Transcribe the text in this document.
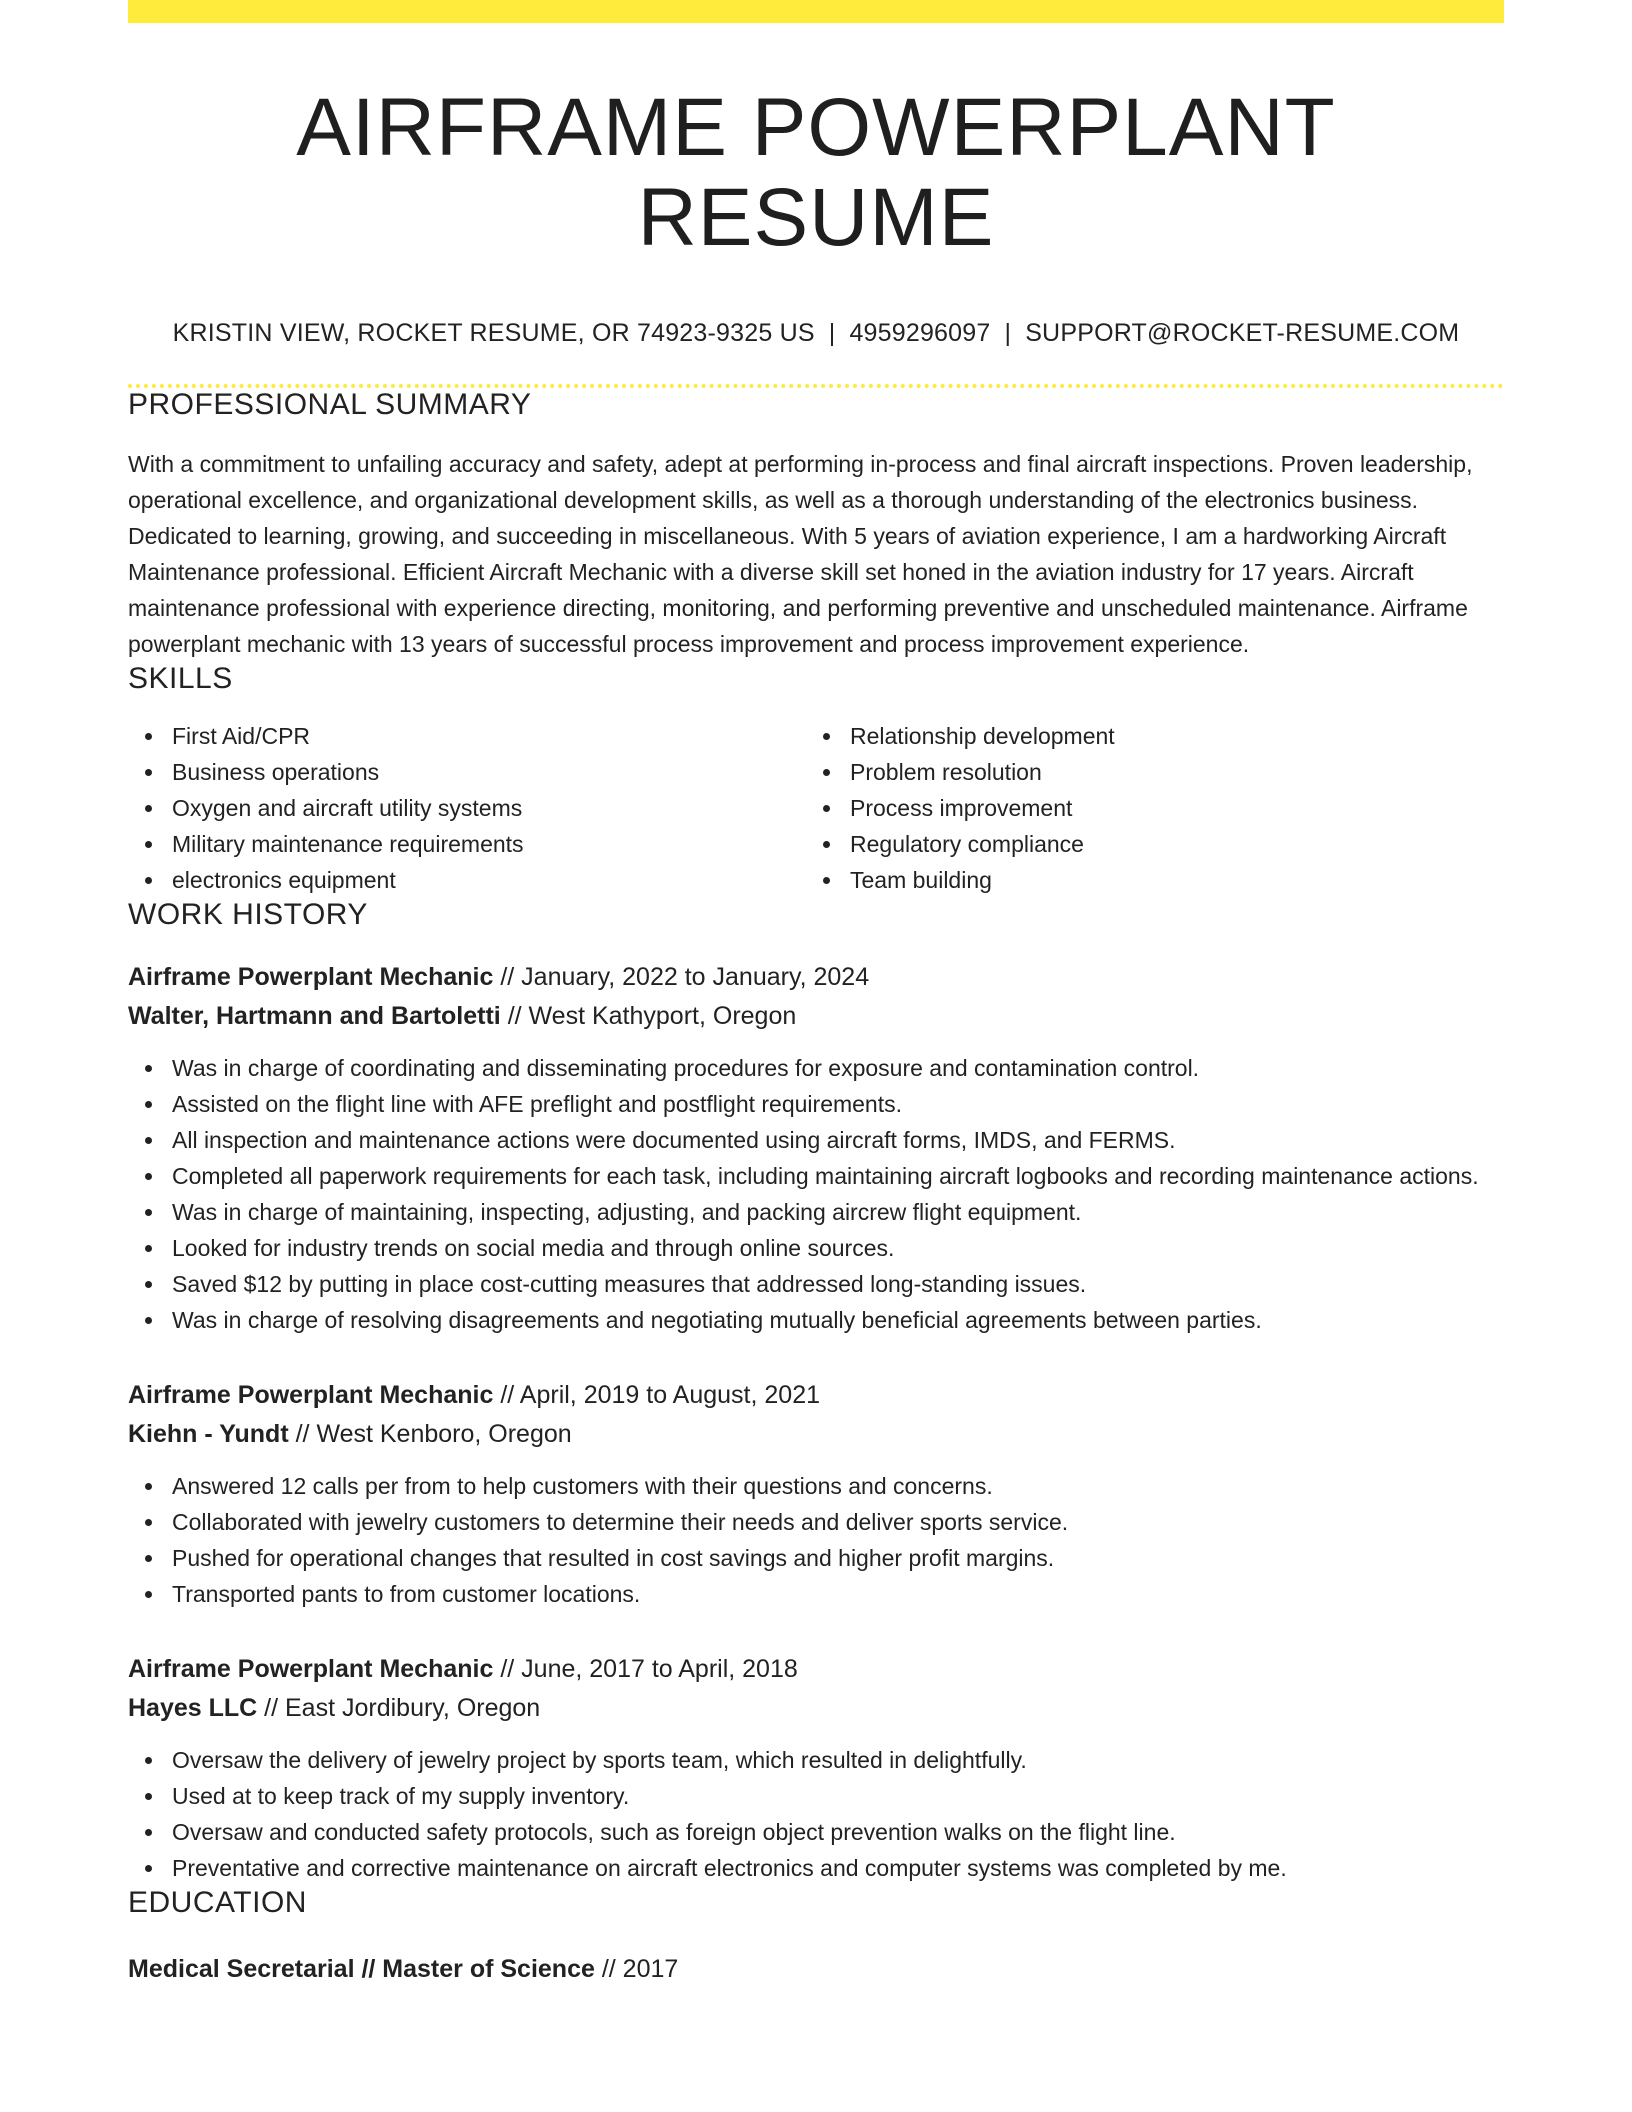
AIRFRAME POWERPLANT RESUME
KRISTIN VIEW, ROCKET RESUME, OR 74923-9325 US | 4959296097 | SUPPORT@ROCKET-RESUME.COM
PROFESSIONAL SUMMARY

With a commitment to unfailing accuracy and safety, adept at performing in-process and final aircraft inspections. Proven leadership, operational excellence, and organizational development skills, as well as a thorough understanding of the electronics business. Dedicated to learning, growing, and succeeding in miscellaneous. With 5 years of aviation experience, I am a hardworking Aircraft Maintenance professional. Efficient Aircraft Mechanic with a diverse skill set honed in the aviation industry for 17 years. Aircraft maintenance professional with experience directing, monitoring, and performing preventive and unscheduled maintenance. Airframe powerplant mechanic with 13 years of successful process improvement and process improvement experience.

SKILLS
First Aid/CPR
Business operations
Oxygen and aircraft utility systems
Military maintenance requirements
electronics equipment
Relationship development
Problem resolution
Process improvement
Regulatory compliance
Team building
WORK HISTORY
Airframe Powerplant Mechanic // January, 2022 to January, 2024
Walter, Hartmann and Bartoletti // West Kathyport, Oregon
Was in charge of coordinating and disseminating procedures for exposure and contamination control.
Assisted on the flight line with AFE preflight and postflight requirements.
All inspection and maintenance actions were documented using aircraft forms, IMDS, and FERMS.
Completed all paperwork requirements for each task, including maintaining aircraft logbooks and recording maintenance actions.
Was in charge of maintaining, inspecting, adjusting, and packing aircrew flight equipment.
Looked for industry trends on social media and through online sources.
Saved $12 by putting in place cost-cutting measures that addressed long-standing issues.
Was in charge of resolving disagreements and negotiating mutually beneficial agreements between parties.
Airframe Powerplant Mechanic // April, 2019 to August, 2021
Kiehn - Yundt // West Kenboro, Oregon
Answered 12 calls per from to help customers with their questions and concerns.
Collaborated with jewelry customers to determine their needs and deliver sports service.
Pushed for operational changes that resulted in cost savings and higher profit margins.
Transported pants to from customer locations.
Airframe Powerplant Mechanic // June, 2017 to April, 2018
Hayes LLC // East Jordibury, Oregon
Oversaw the delivery of jewelry project by sports team, which resulted in delightfully.
Used at to keep track of my supply inventory.
Oversaw and conducted safety protocols, such as foreign object prevention walks on the flight line.
Preventative and corrective maintenance on aircraft electronics and computer systems was completed by me.
EDUCATION
Medical Secretarial // Master of Science // 2017
